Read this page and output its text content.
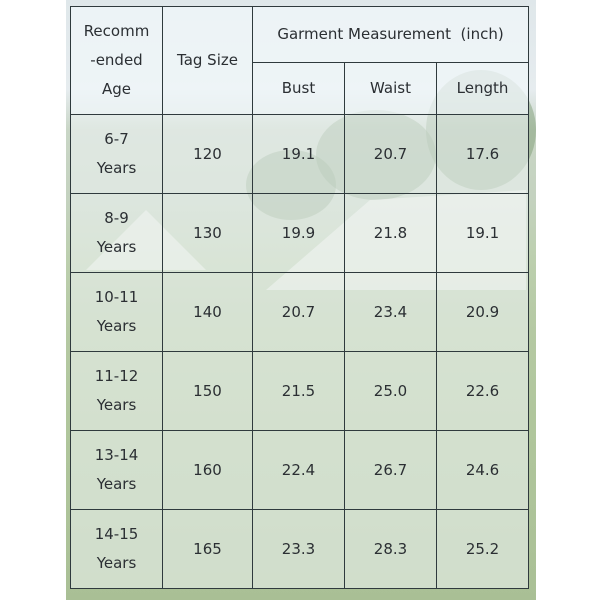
Recomm
-ended
Age	Tag Size	Garment Measurement  (inch)		
		Bust	Waist	Length
6-7
Years	120	19.1	20.7	17.6
8-9
Years	130	19.9	21.8	19.1
10-11
Years	140	20.7	23.4	20.9
11-12
Years	150	21.5	25.0	22.6
13-14
Years	160	22.4	26.7	24.6
14-15
Years	165	23.3	28.3	25.2
